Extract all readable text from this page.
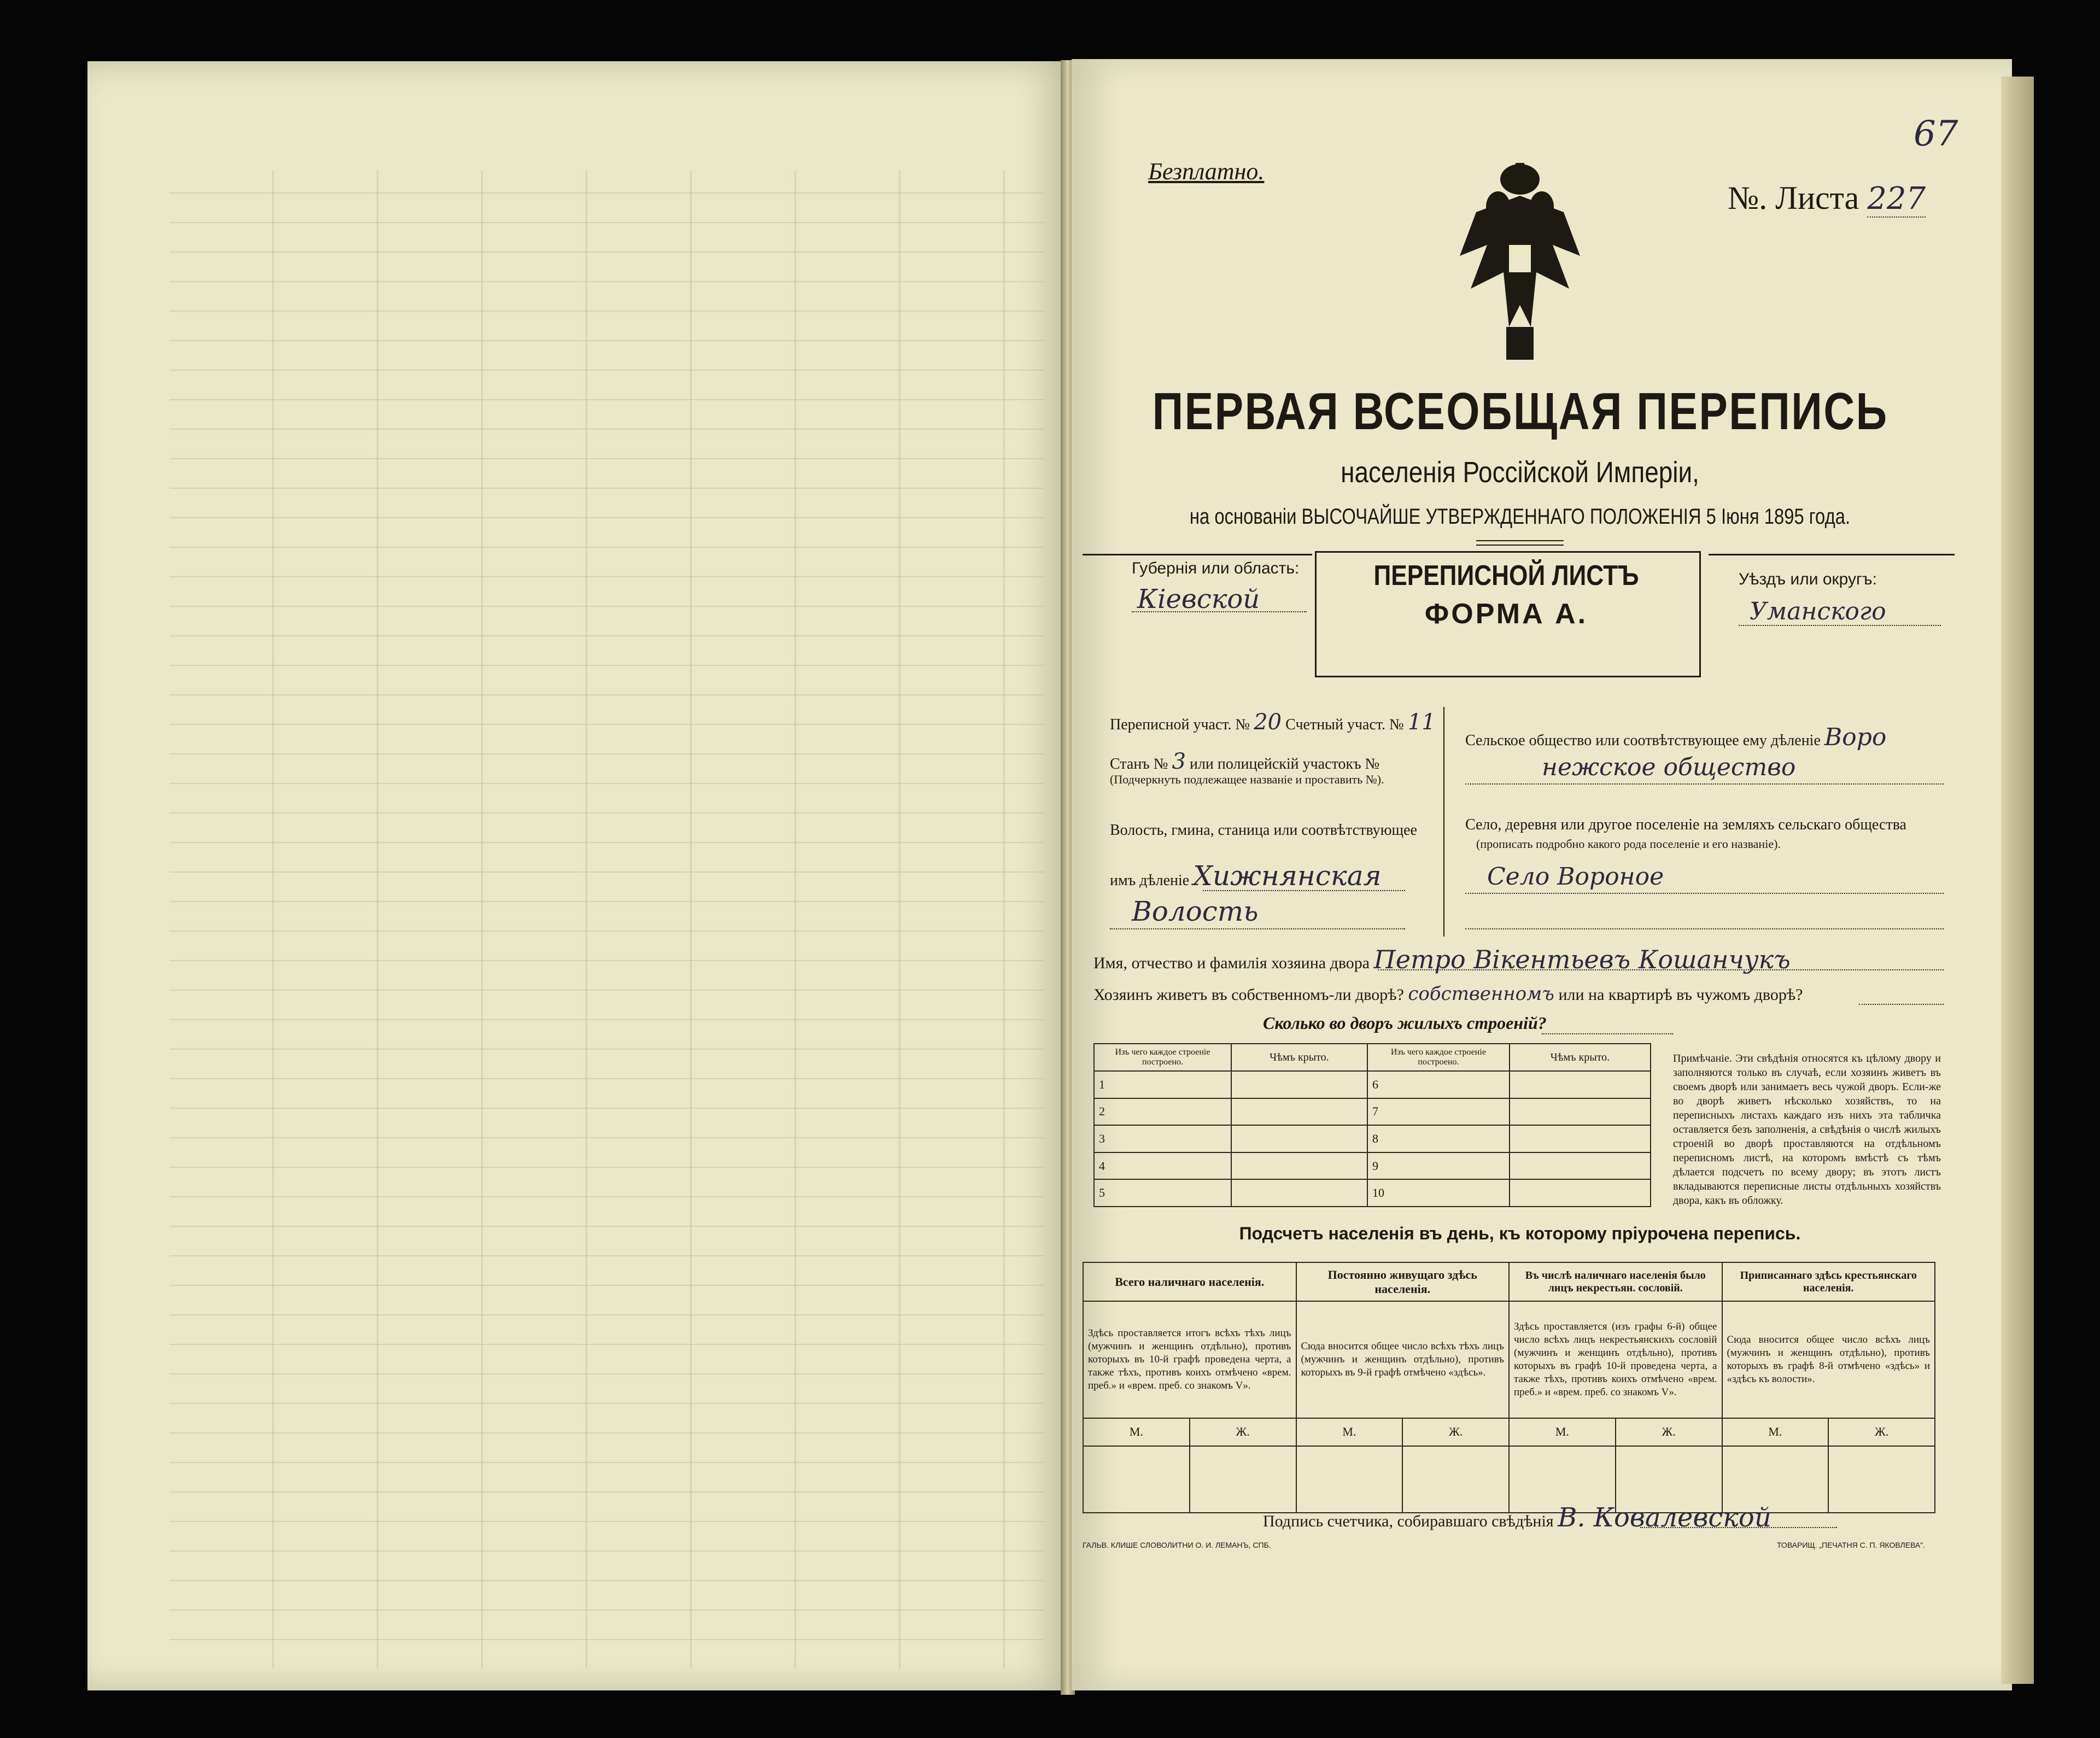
67
Безплатно.
№. Листа 227
ПЕРВАЯ ВСЕОБЩАЯ ПЕРЕПИСЬ
населенія Россійской Имперіи,
на основаніи ВЫСОЧАЙШЕ УТВЕРЖДЕННАГО ПОЛОЖЕНІЯ 5 Іюня 1895 года.
Губернія или область:
Кіевской
ПЕРЕПИСНОЙ ЛИСТЪ
ФОРМА А.
Уѣздъ или округъ:
Уманского
Переписной участ. № 20 Счетный участ. № 11
Станъ № 3 или полицейскій участокъ №
(Подчеркнуть подлежащее названіе и проставить №).
Волость, гмина, станица или соотвѣтствующее
имъ дѣленіе Хижнянская
Волость
Сельское общество или соотвѣтствующее ему дѣленіе Воро
нежское общество
Село, деревня или другое поселеніе на земляхъ сельскаго общества
(прописать подробно какого рода поселеніе и его названіе).
Село Вороное
Имя, отчество и фамилія хозяина двора Петро Вікентьевъ Кошанчукъ
Хозяинъ живетъ въ собственномъ-ли дворѣ? собственномъ или на квартирѣ въ чужомъ дворѣ?
Сколько во дворъ жилыхъ строеній?
Изъ чего каждое строеніе построено.	Чѣмъ крыто.	Изъ чего каждое строеніе построено.	Чѣмъ крыто.
1		6	
2		7	
3		8	
4		9	
5		10	
Примѣчаніе. Эти свѣдѣнія относятся къ цѣлому двору и заполняются только въ случаѣ, если хозяинъ живетъ въ своемъ дворѣ или занимаетъ весь чужой дворъ. Если-же во дворѣ живетъ нѣсколько хозяйствъ, то на переписныхъ листахъ каждаго изъ нихъ эта табличка оставляется безъ заполненія, а свѣдѣнія о числѣ жилыхъ строеній во дворѣ проставляются на отдѣльномъ переписномъ листѣ, на которомъ вмѣстѣ съ тѣмъ дѣлается подсчетъ по всему двору; въ этотъ листъ вкладываются переписные листы отдѣльныхъ хозяйствъ двора, какъ въ обложку.
Подсчетъ населенія въ день, къ которому пріурочена перепись.
Всего наличнаго населенія.		Постоянно живущаго здѣсь населенія.		Въ числѣ наличнаго населенія было лицъ некрестьян. сословій.		Приписаннаго здѣсь крестьянскаго населенія.	
Здѣсь проставляется итогъ всѣхъ тѣхъ лицъ (мужчинъ и женщинъ отдѣльно), противъ которыхъ въ 10-й графѣ проведена черта, а также тѣхъ, противъ коихъ отмѣчено «врем. преб.» и «врем. преб. со знакомъ V».		Сюда вносится общее число всѣхъ тѣхъ лицъ (мужчинъ и женщинъ отдѣльно), противъ которыхъ въ 9-й графѣ отмѣчено «здѣсь».		Здѣсь проставляется (изъ графы 6-й) общее число всѣхъ лицъ некрестьянскихъ сословій (мужчинъ и женщинъ отдѣльно), противъ которыхъ въ графѣ 10-й проведена черта, а также тѣхъ, противъ коихъ отмѣчено «врем. преб.» и «врем. преб. со знакомъ V».		Сюда вносится общее число всѣхъ лицъ (мужчинъ и женщинъ отдѣльно), противъ которыхъ въ графѣ 8-й отмѣчено «здѣсь» и «здѣсь къ волости».	
М.	Ж.	М.	Ж.	М.	Ж.	М.	Ж.

Подпись счетчика, собиравшаго свѣдѣнія В. Ковалевской
ГАЛЬВ. КЛИШЕ СЛОВОЛИТНИ О. И. ЛЕМАНЪ, СПБ.	ТОВАРИЩ. „ПЕЧАТНЯ С. П. ЯКОВЛЕВА".
